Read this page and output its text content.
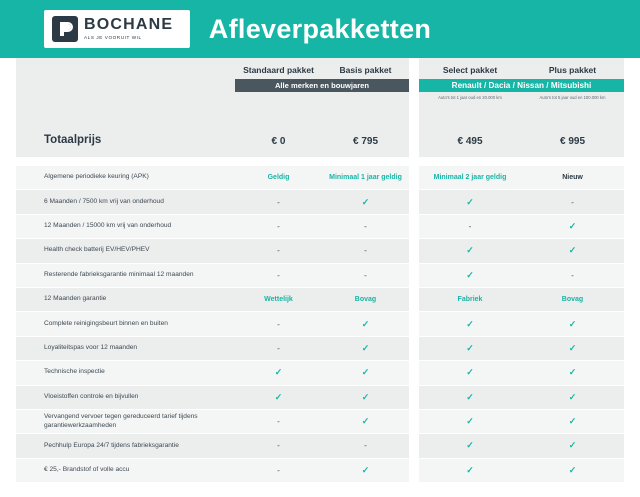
BOCHANE
ALS JE VOORUIT WIL	Afleverpakketten
Standaard pakket	Basis pakket
Alle merken en bouwjaren
Select pakket	Plus pakket
Renault / Dacia / Nissan / Mitsubishi
Auto's tot 1 jaar oud en 20.000 km	Auto's tot 5 jaar oud en 100.000 km
Totaalprijs	€ 0	€ 795	€ 495	€ 995
Algemene periodieke keuring (APK)	Geldig	Minimaal 1 jaar geldig	Minimaal 2 jaar geldig	Nieuw
6 Maanden / 7500 km vrij van onderhoud	-	✓	✓	-
12 Maanden / 15000 km vrij van onderhoud	-	-	-	✓
Health check batterij EV/HEV/PHEV	-	-	✓	✓
Resterende fabrieksgarantie minimaal 12 maanden	-	-	✓	-
12 Maanden garantie	Wettelijk	Bovag	Fabriek	Bovag
Complete reinigingsbeurt binnen en buiten	-	✓	✓	✓
Loyaliteitspas voor 12 maanden	-	✓	✓	✓
Technische inspectie	✓	✓	✓	✓
Vloeistoffen controle en bijvullen	✓	✓	✓	✓
Vervangend vervoer tegen gereduceerd tarief tijdens garantiewerkzaamheden	-	✓	✓	✓
Pechhulp Europa 24/7 tijdens fabrieksgarantie	-	-	✓	✓
€ 25,- Brandstof of volle accu	-	✓	✓	✓
